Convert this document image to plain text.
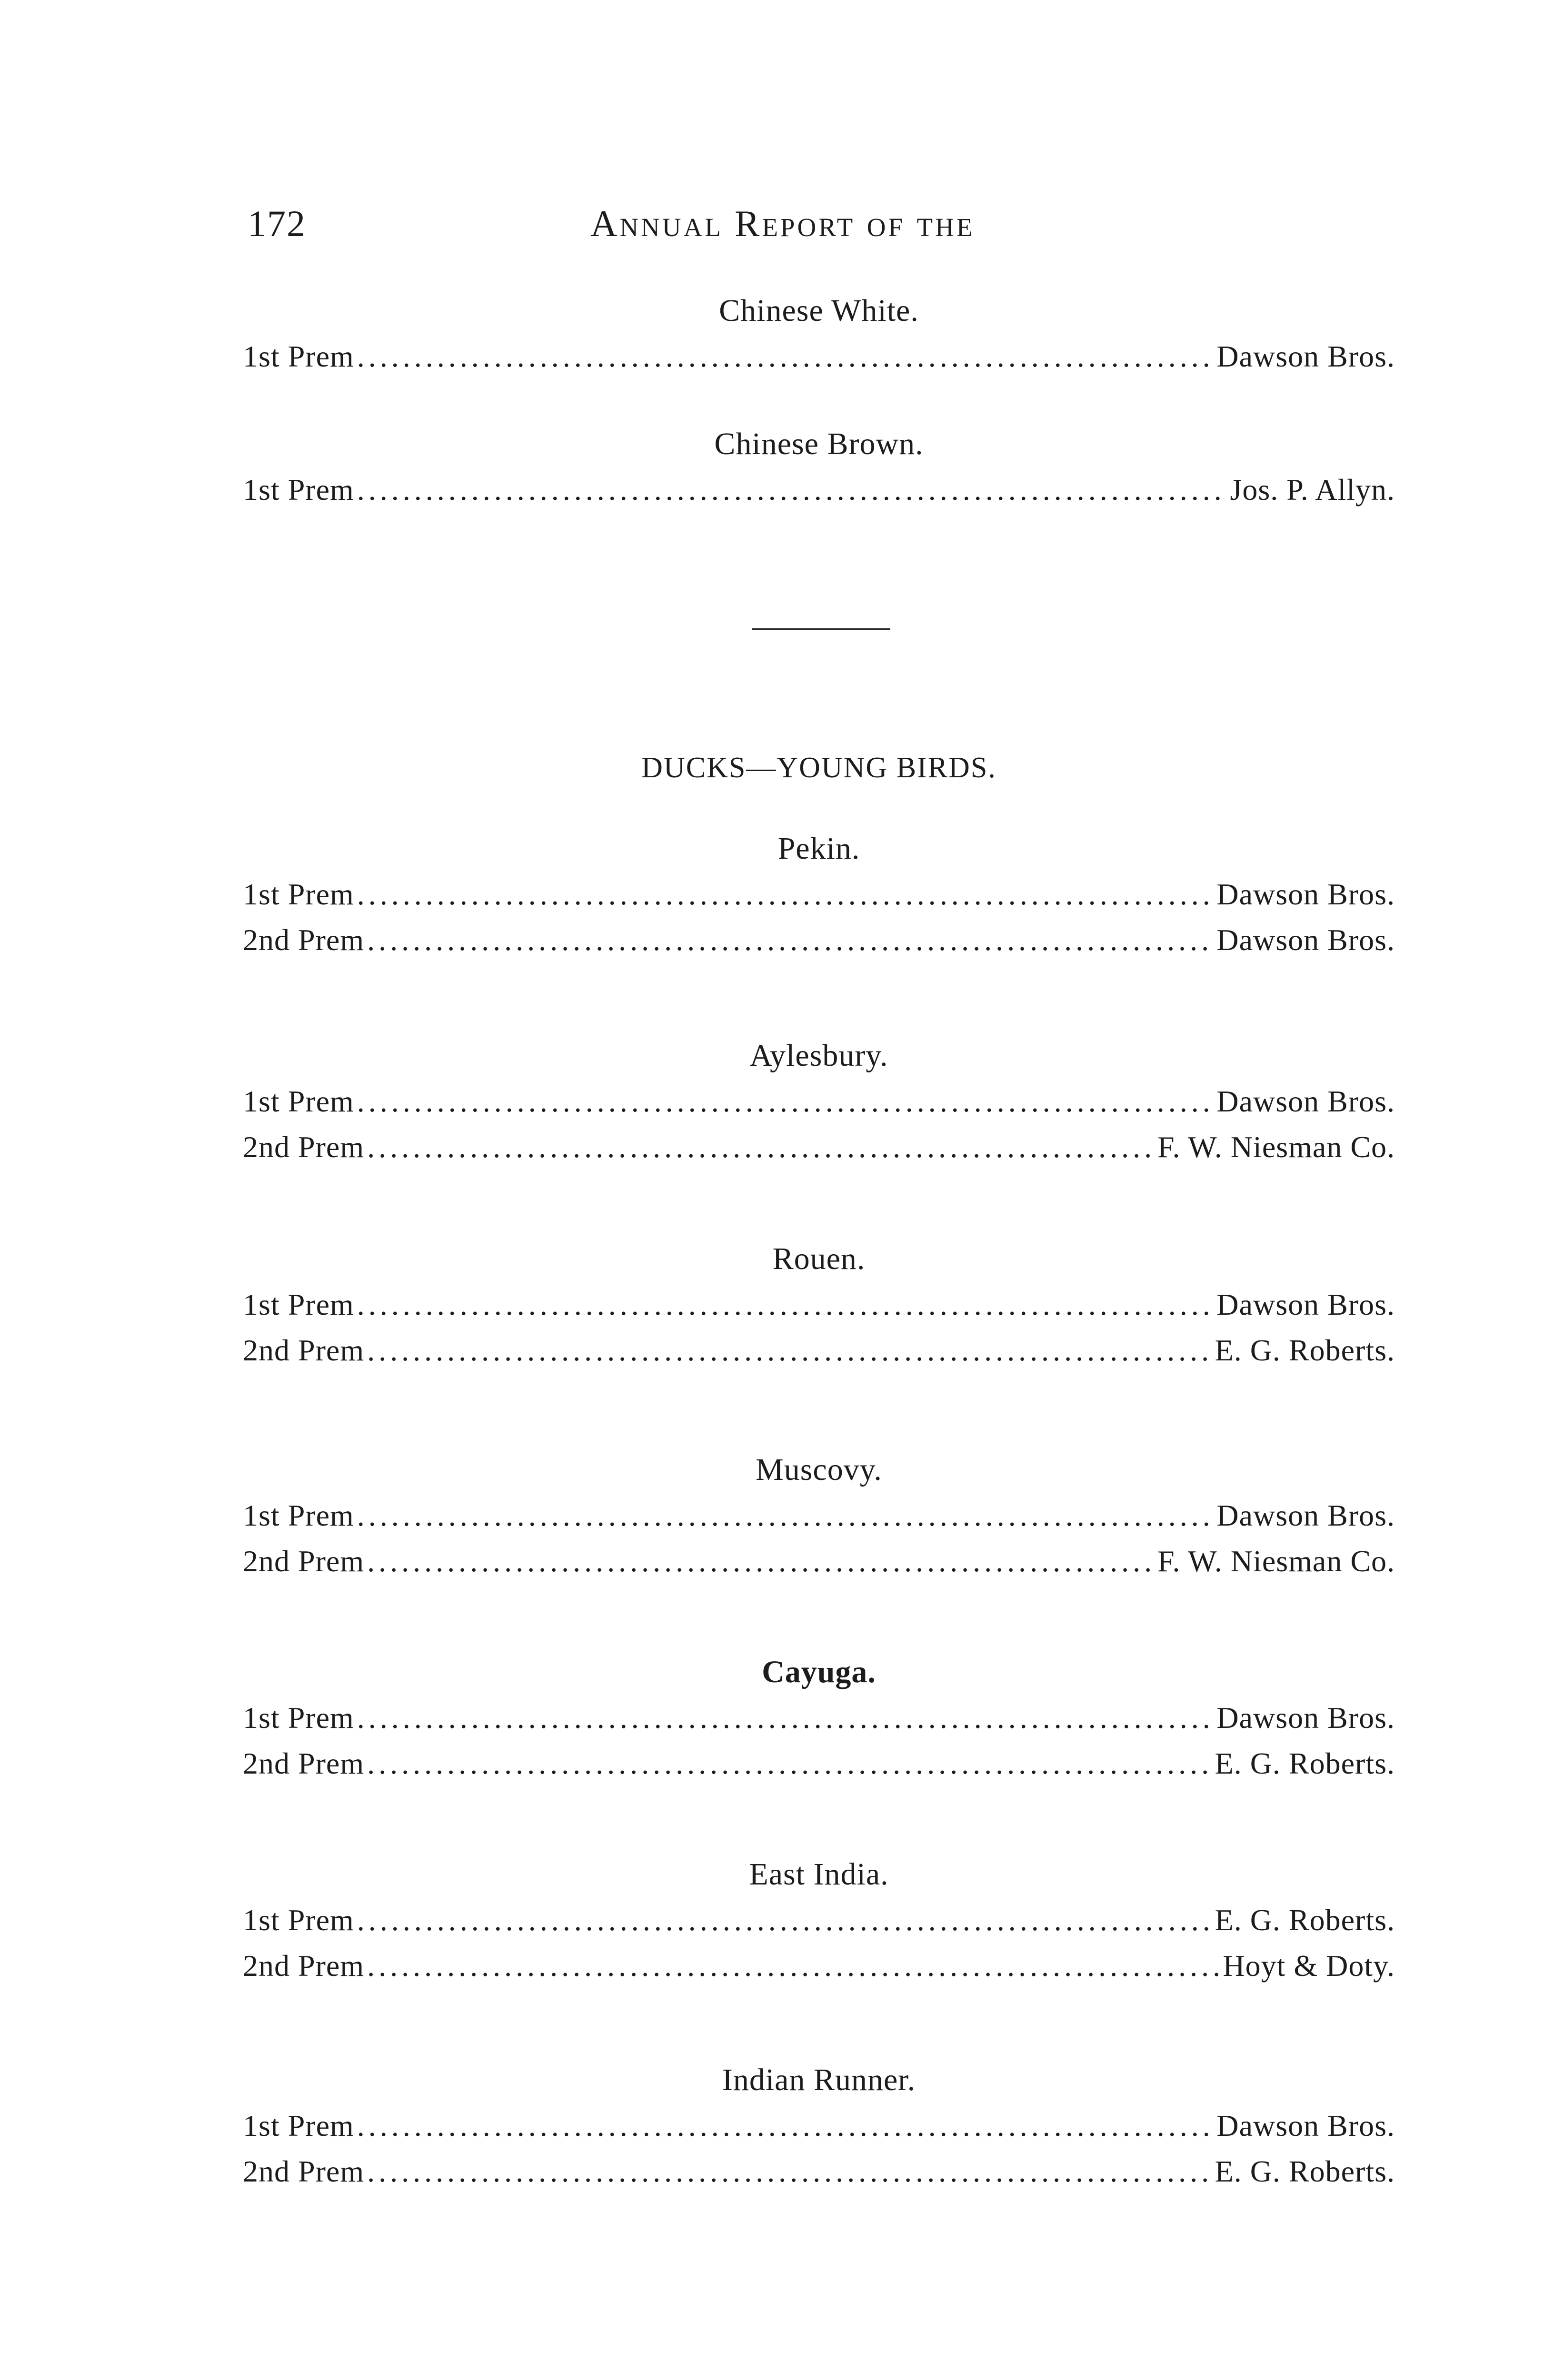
172	Annual Report of the
Chinese White.
1st Prem .....	Dawson Bros.
Chinese Brown.
1st Prem .....	Jos. P. Allyn.
DUCKS—YOUNG BIRDS.
Pekin.
1st Prem .....	Dawson Bros.
2nd Prem .....	Dawson Bros.
Aylesbury.
1st Prem .....	Dawson Bros.
2nd Prem .....	F. W. Niesman Co.
Rouen.
1st Prem .....	Dawson Bros.
2nd Prem .....	E. G. Roberts.
Muscovy.
1st Prem .....	Dawson Bros.
2nd Prem .....	F. W. Niesman Co.
Cayuga.
1st Prem .....	Dawson Bros.
2nd Prem .....	E. G. Roberts.
East India.
1st Prem .....	E. G. Roberts.
2nd Prem .....	Hoyt & Doty.
Indian Runner.
1st Prem .....	Dawson Bros.
2nd Prem .....	E. G. Roberts.
